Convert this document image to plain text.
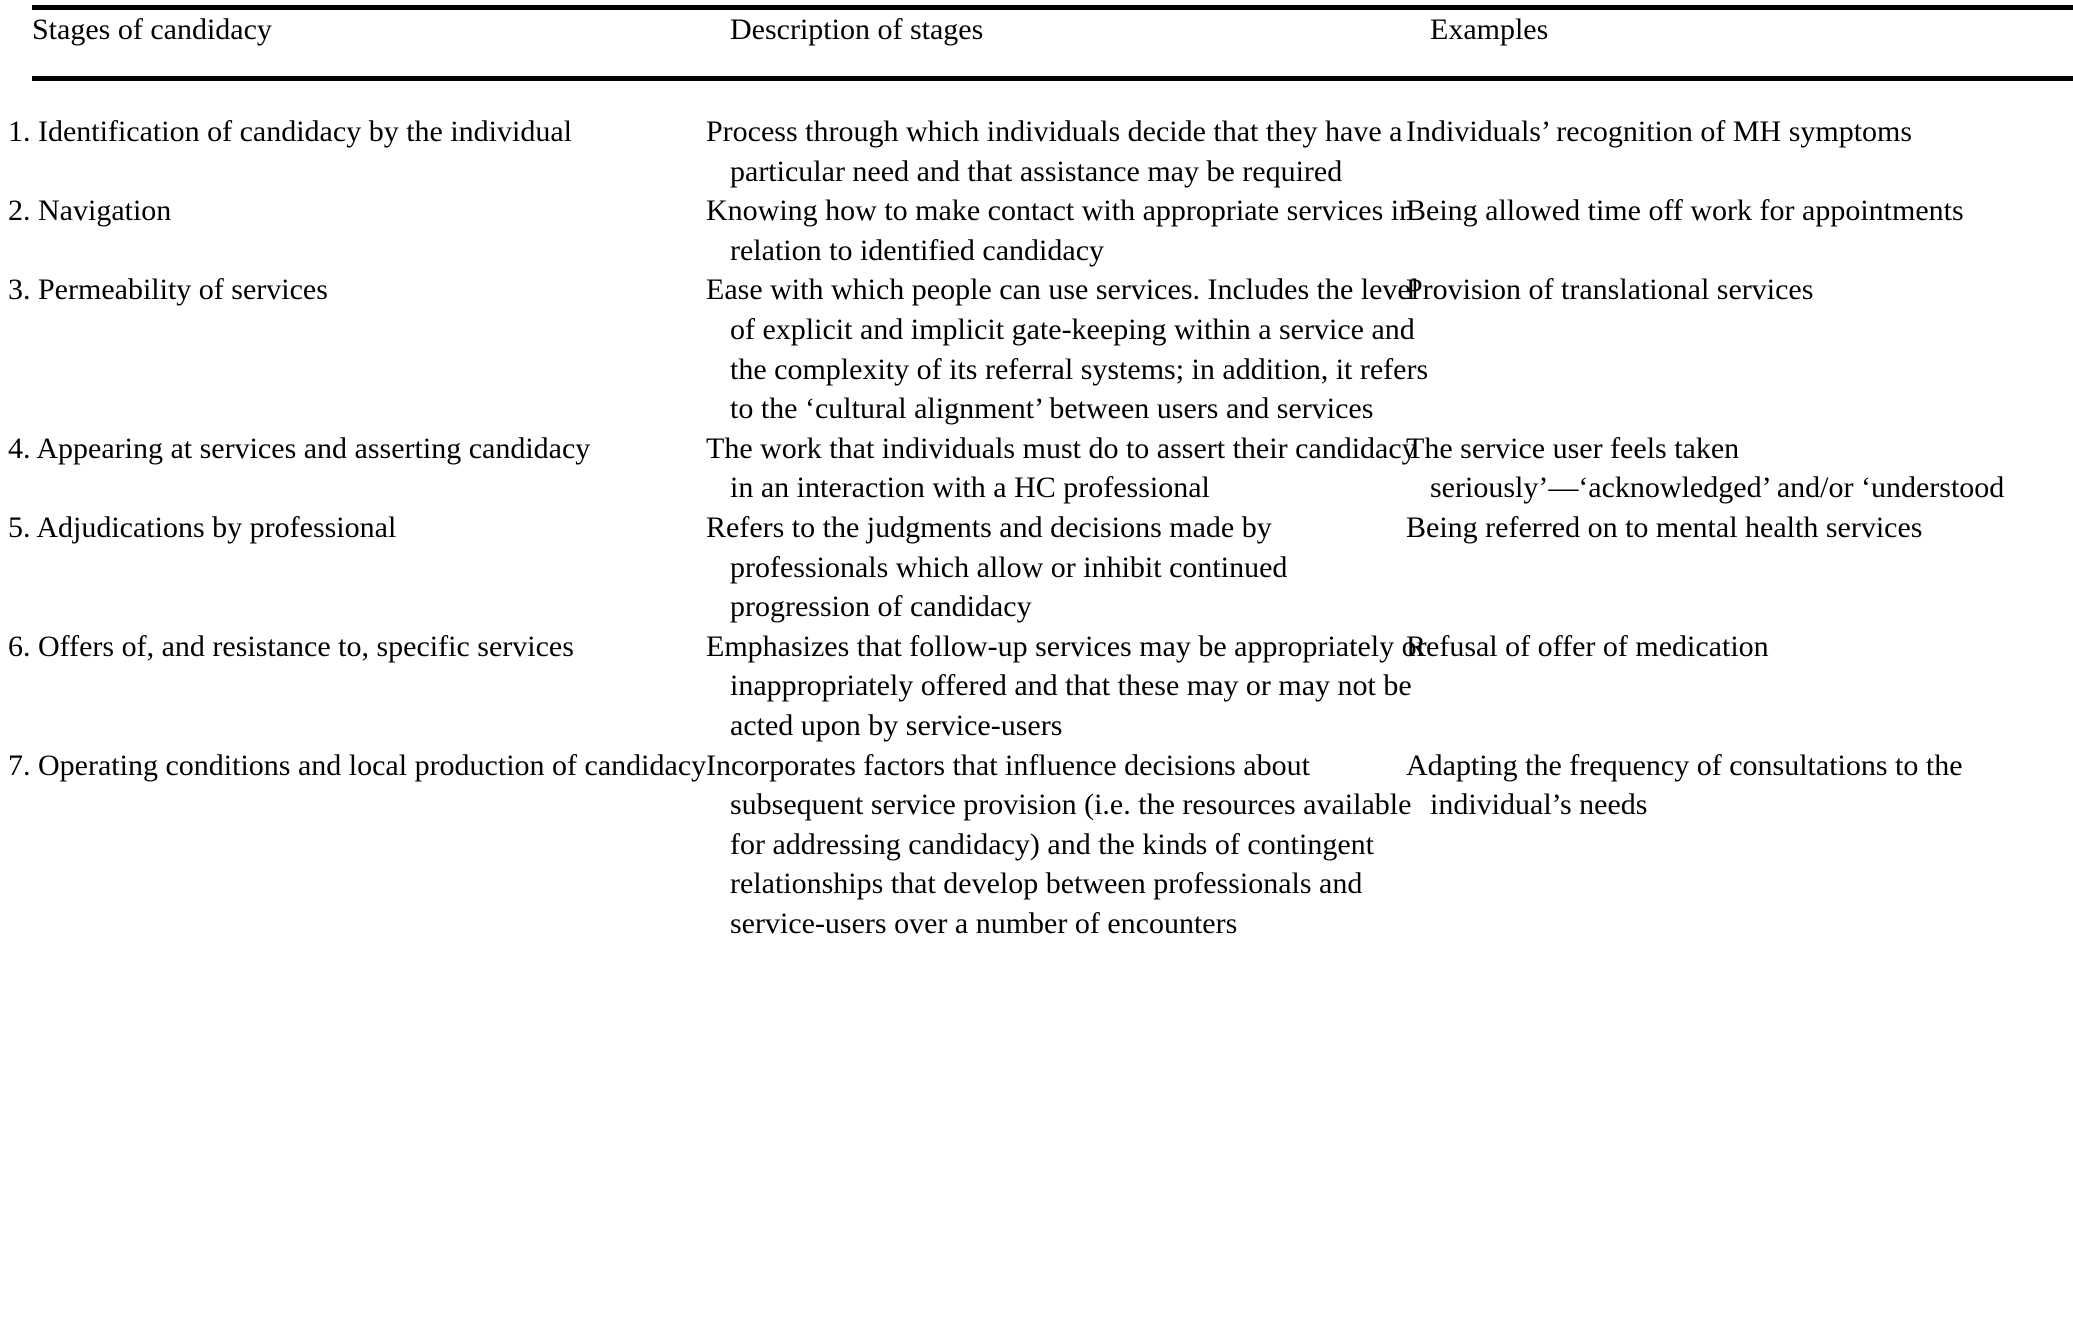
Stages of candidacy	Description of stages	Examples
1. Identification of candidacy by the individual	Process through which individuals decide that they have a particular need and that assistance may be required	Individuals’ recognition of MH symptoms
2. Navigation	Knowing how to make contact with appropriate services in relation to identified candidacy	Being allowed time off work for appointments
3. Permeability of services	Ease with which people can use services. Includes the level of explicit and implicit gate-keeping within a service and the complexity of its referral systems; in addition, it refers to the ‘cultural alignment’ between users and services	Provision of translational services
4. Appearing at services and asserting candidacy	The work that individuals must do to assert their candidacy in an interaction with a HC professional	The service user feels taken seriously’—‘acknowledged’ and/or ‘understood
5. Adjudications by professional	Refers to the judgments and decisions made by professionals which allow or inhibit continued progression of candidacy	Being referred on to mental health services
6. Offers of, and resistance to, specific services	Emphasizes that follow-up services may be appropriately or inappropriately offered and that these may or may not be acted upon by service-users	Refusal of offer of medication
7. Operating conditions and local production of candidacy	Incorporates factors that influence decisions about subsequent service provision (i.e. the resources available for addressing candidacy) and the kinds of contingent relationships that develop between professionals and service-users over a number of encounters	Adapting the frequency of consultations to the individual’s needs
